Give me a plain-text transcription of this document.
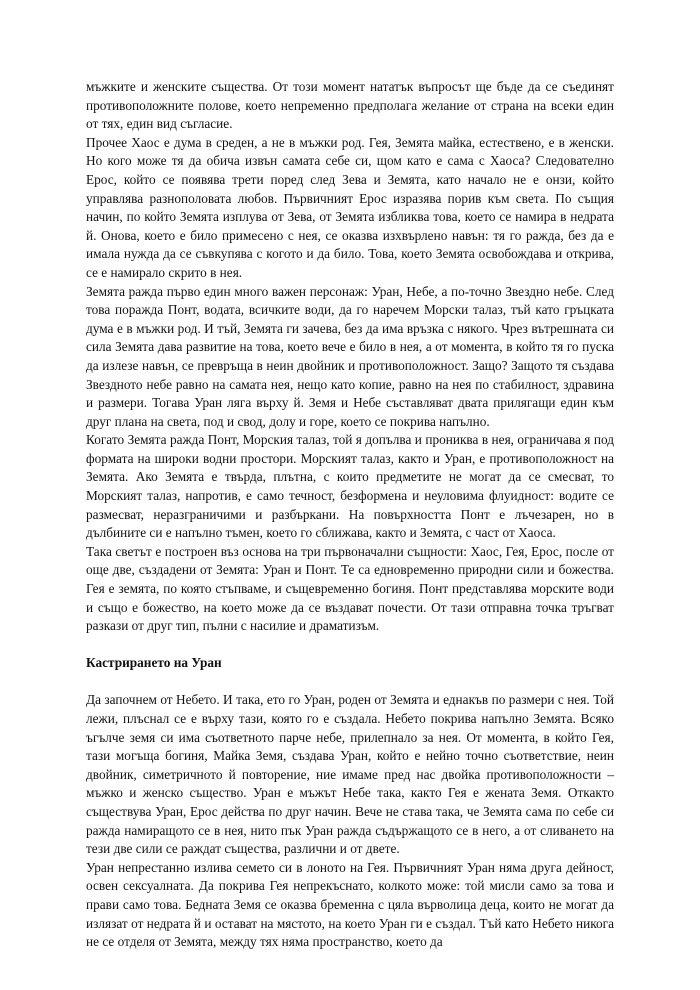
мъжките и женските същества. От този момент нататък въпросът ще бъде да се съединят противоположните полове, което непременно предполага желание от страна на всеки един от тях, един вид съгласие.

Прочее Хаос е дума в среден, а не в мъжки род. Гея, Земята майка, естествено, е в женски. Но кого може тя да обича извън самата себе си, щом като е сама с Хаоса? Следователно Ерос, който се появява трети поред след Зева и Земята, като начало не е онзи, който управлява разнополовата любов. Първичният Ерос изразява порив към света. По същия начин, по който Земята изплува от Зева, от Земята избликва това, което се намира в недрата й. Онова, което е било примесено с нея, се оказва изхвърлено навън: тя го ражда, без да е имала нужда да се съвкупява с когото и да било. Това, което Земята освобождава и открива, се е намирало скрито в нея.

Земята ражда първо един много важен персонаж: Уран, Небе, а по-точно Звездно небе. След това поражда Понт, водата, всичките води, да го наречем Морски талаз, тъй като гръцката дума е в мъжки род. И тъй, Земята ги зачева, без да има връзка с някого. Чрез вътрешната си сила Земята дава развитие на това, което вече е било в нея, а от момента, в който тя го пуска да излезе навън, се превръща в неин двойник и противоположност. Защо? Защото тя създава Звездното небе равно на самата нея, нещо като копие, равно на нея по стабилност, здравина и размери. Тогава Уран ляга върху й. Земя и Небе съставляват двата прилягащи един към друг плана на света, под и свод, долу и горе, което се покрива напълно.

Когато Земята ражда Понт, Морския талаз, той я допълва и прониква в нея, ограничава я под формата на широки водни простори. Морският талаз, както и Уран, е противоположност на Земята. Ако Земята е твърда, плътна, с които предметите не могат да се смесват, то Морският талаз, напротив, е само течност, безформена и неуловима флуидност: водите се размесват, неразграничими и разбъркани. На повърхността Понт е лъчезарен, но в дълбините си е напълно тъмен, което го сближава, както и Земята, с част от Хаоса.

Така светът е построен въз основа на три първоначални същности: Хаос, Гея, Ерос, после от още две, създадени от Земята: Уран и Понт. Те са едновременно природни сили и божества. Гея е земята, по която стъпваме, и същевременно богиня. Понт представлява морските води и също е божество, на което може да се въздават почести. От тази отправна точка тръгват разкази от друг тип, пълни с насилие и драматизъм.

Кастрирането на Уран

Да започнем от Небето. И така, ето го Уран, роден от Земята и еднакъв по размери с нея. Той лежи, плъснал се е върху тази, която го е създала. Небето покрива напълно Земята. Всяко ъгълче земя си има съответното парче небе, прилепнало за нея. От момента, в който Гея, тази могъща богиня, Майка Земя, създава Уран, който е нейно точно съответствие, неин двойник, симетричното й повторение, ние имаме пред нас двойка противоположности – мъжко и женско същество. Уран е мъжът Небе така, както Гея е жената Земя. Откакто съществува Уран, Ерос действа по друг начин. Вече не става така, че Земята сама по себе си ражда намиращото се в нея, нито пък Уран ражда съдържащото се в него, а от сливането на тези две сили се раждат същества, различни и от двете.

Уран непрестанно излива семето си в лоното на Гея. Първичният Уран няма друга дейност, освен сексуалната. Да покрива Гея непрекъснато, колкото може: той мисли само за това и прави само това. Бедната Земя се оказва бременна с цяла върволица деца, които не могат да излязат от недрата й и остават на мястото, на което Уран ги е създал. Тъй като Небето никога не се отделя от Земята, между тях няма пространство, което да
